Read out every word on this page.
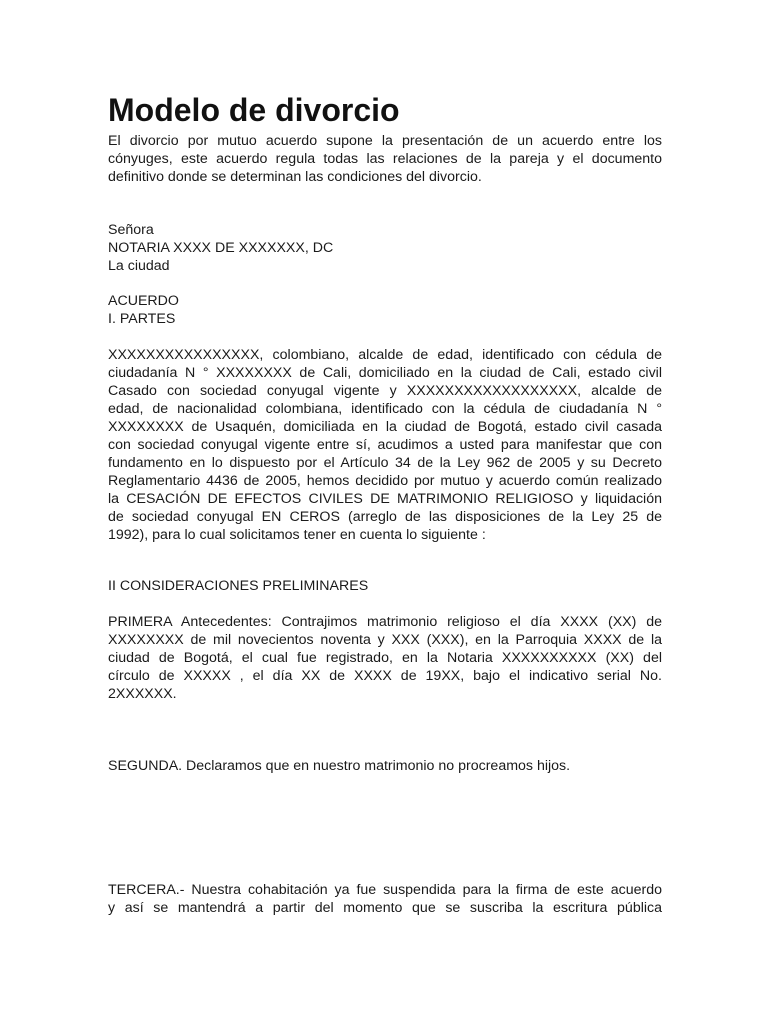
Modelo de divorcio

El divorcio por mutuo acuerdo supone la presentación de un acuerdo entre los
cónyuges, este acuerdo regula todas las relaciones de la pareja y el documento
definitivo donde se determinan las condiciones del divorcio.

Señora
NOTARIA XXXX DE XXXXXXX, DC
La ciudad
ACUERDO
I. PARTES

XXXXXXXXXXXXXXXX, colombiano, alcalde de edad, identificado con cédula de
ciudadanía N ° XXXXXXXX de Cali, domiciliado en la ciudad de Cali, estado civil
Casado con sociedad conyugal vigente y XXXXXXXXXXXXXXXXXX, alcalde de
edad, de nacionalidad colombiana, identificado con la cédula de ciudadanía N °
XXXXXXXX de Usaquén, domiciliada en la ciudad de Bogotá, estado civil casada
con sociedad conyugal vigente entre sí, acudimos a usted para manifestar que con
fundamento en lo dispuesto por el Artículo 34 de la Ley 962 de 2005 y su Decreto
Reglamentario 4436 de 2005, hemos decidido por mutuo y acuerdo común realizado
la CESACIÓN DE EFECTOS CIVILES DE MATRIMONIO RELIGIOSO y liquidación
de sociedad conyugal EN CEROS (arreglo de las disposiciones de la Ley 25 de
1992), para lo cual solicitamos tener en cuenta lo siguiente :

II CONSIDERACIONES PRELIMINARES

PRIMERA Antecedentes: Contrajimos matrimonio religioso el día XXXX (XX) de
XXXXXXXX de mil novecientos noventa y XXX (XXX), en la Parroquia XXXX de la
ciudad de Bogotá, el cual fue registrado, en la Notaria XXXXXXXXXX (XX) del
círculo de XXXXX , el día XX de XXXX de 19XX, bajo el indicativo serial No.
2XXXXXX.

SEGUNDA. Declaramos que en nuestro matrimonio no procreamos hijos.

TERCERA.- Nuestra cohabitación ya fue suspendida para la firma de este acuerdo
y así se mantendrá a partir del momento que se suscriba la escritura pública
